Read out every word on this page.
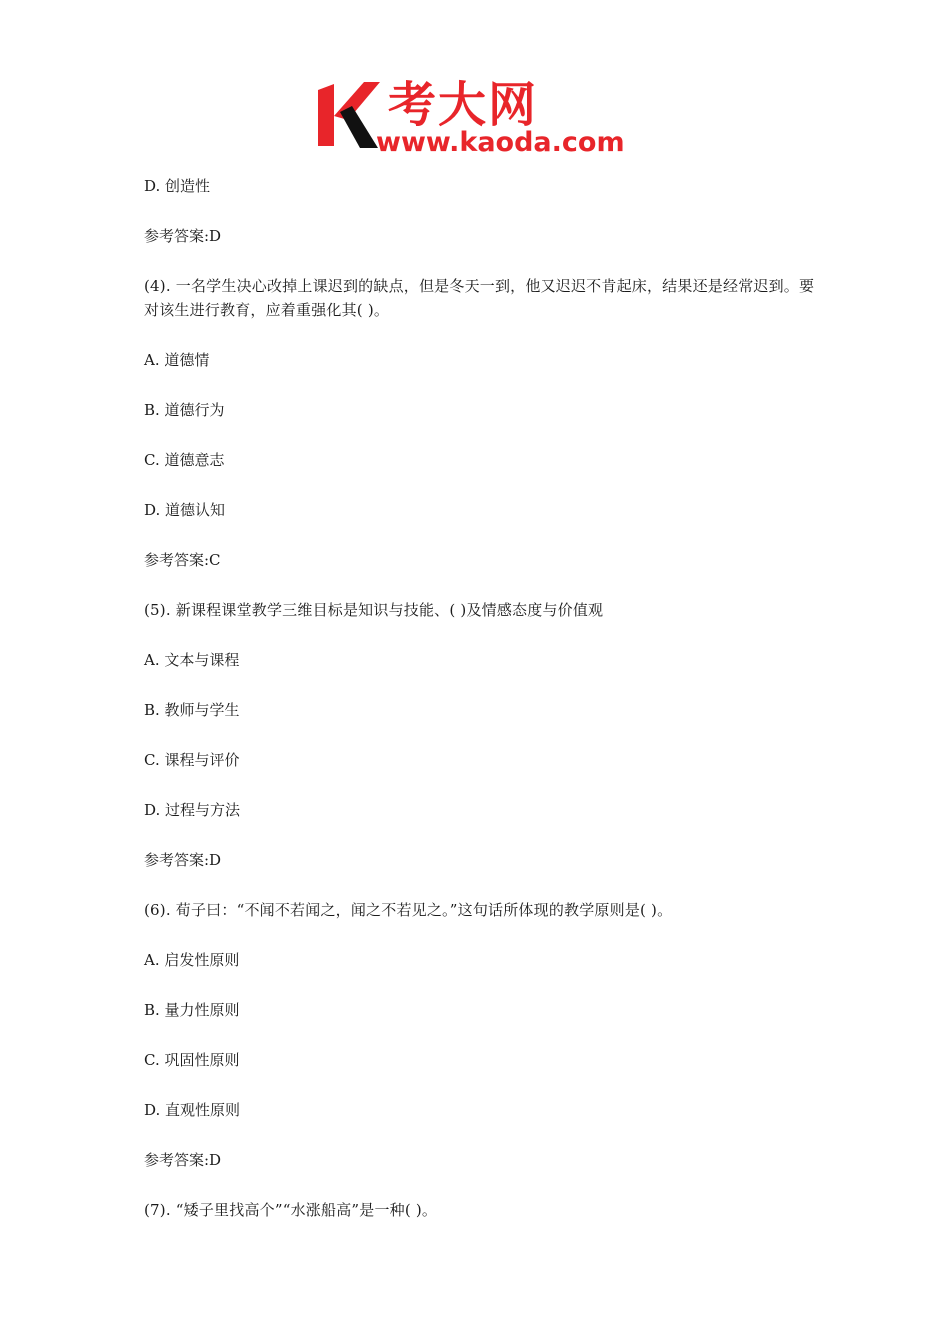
考大网
www.kaoda.com
D. 创造性
参考答案:D
(4). 一名学生决心改掉上课迟到的缺点，但是冬天一到，他又迟迟不肯起床，结果还是经常迟到。要对该生进行教育，应着重强化其( )。
A. 道德情
B. 道德行为
C. 道德意志
D. 道德认知
参考答案:C
(5). 新课程课堂教学三维目标是知识与技能、( )及情感态度与价值观
A. 文本与课程
B. 教师与学生
C. 课程与评价
D. 过程与方法
参考答案:D
(6). 荀子曰：“不闻不若闻之，闻之不若见之。”这句话所体现的教学原则是( )。
A. 启发性原则
B. 量力性原则
C. 巩固性原则
D. 直观性原则
参考答案:D
(7). “矮子里找高个”“水涨船高”是一种( )。
